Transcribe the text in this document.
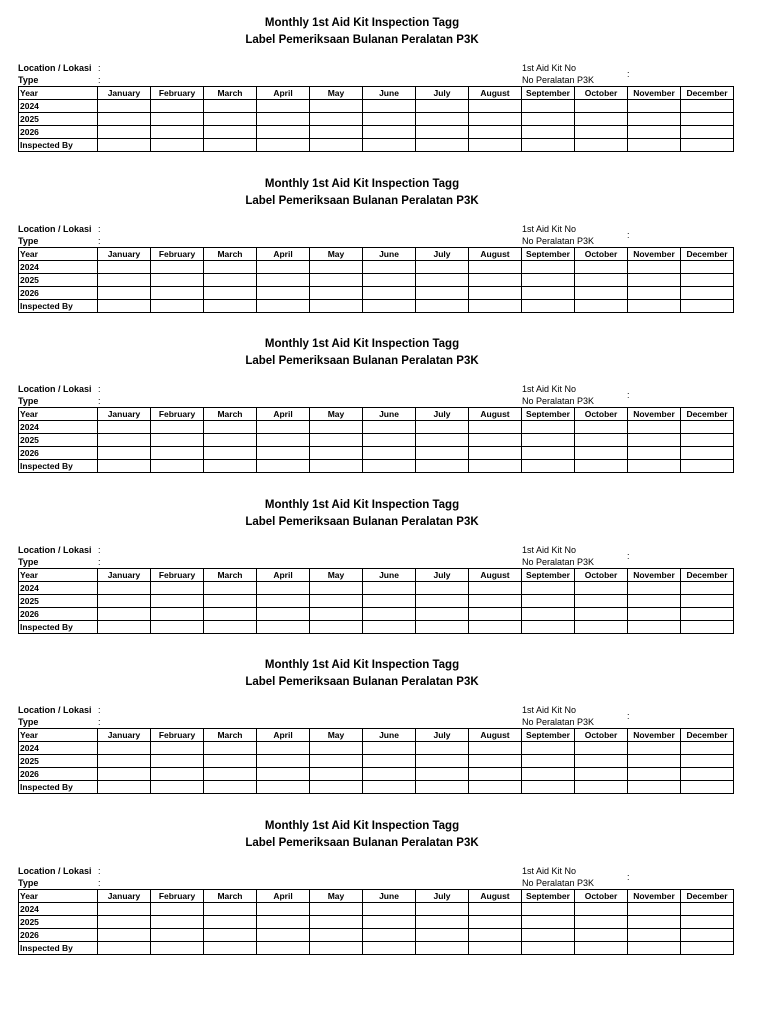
Monthly 1st Aid Kit Inspection Tagg
Label Pemeriksaan Bulanan Peralatan P3K
Location / Lokasi :
Type	:
1st Aid Kit No
No Peralatan P3K
:
Year	January	February	March	April	May	June	July	August	September	October	November	December
2024												
2025												
2026												
Inspected By												
Monthly 1st Aid Kit Inspection Tagg
Label Pemeriksaan Bulanan Peralatan P3K
Location / Lokasi :
Type	:
1st Aid Kit No
No Peralatan P3K
:
Year	January	February	March	April	May	June	July	August	September	October	November	December
2024												
2025												
2026												
Inspected By												
Monthly 1st Aid Kit Inspection Tagg
Label Pemeriksaan Bulanan Peralatan P3K
Location / Lokasi :
Type	:
1st Aid Kit No
No Peralatan P3K
:
Year	January	February	March	April	May	June	July	August	September	October	November	December
2024												
2025												
2026												
Inspected By												
Monthly 1st Aid Kit Inspection Tagg
Label Pemeriksaan Bulanan Peralatan P3K
Location / Lokasi :
Type	:
1st Aid Kit No
No Peralatan P3K
:
Year	January	February	March	April	May	June	July	August	September	October	November	December
2024												
2025												
2026												
Inspected By												
Monthly 1st Aid Kit Inspection Tagg
Label Pemeriksaan Bulanan Peralatan P3K
Location / Lokasi :
Type	:
1st Aid Kit No
No Peralatan P3K
:
Year	January	February	March	April	May	June	July	August	September	October	November	December
2024												
2025												
2026												
Inspected By												
Monthly 1st Aid Kit Inspection Tagg
Label Pemeriksaan Bulanan Peralatan P3K
Location / Lokasi :
Type	:
1st Aid Kit No
No Peralatan P3K
:
Year	January	February	March	April	May	June	July	August	September	October	November	December
2024												
2025												
2026												
Inspected By												
